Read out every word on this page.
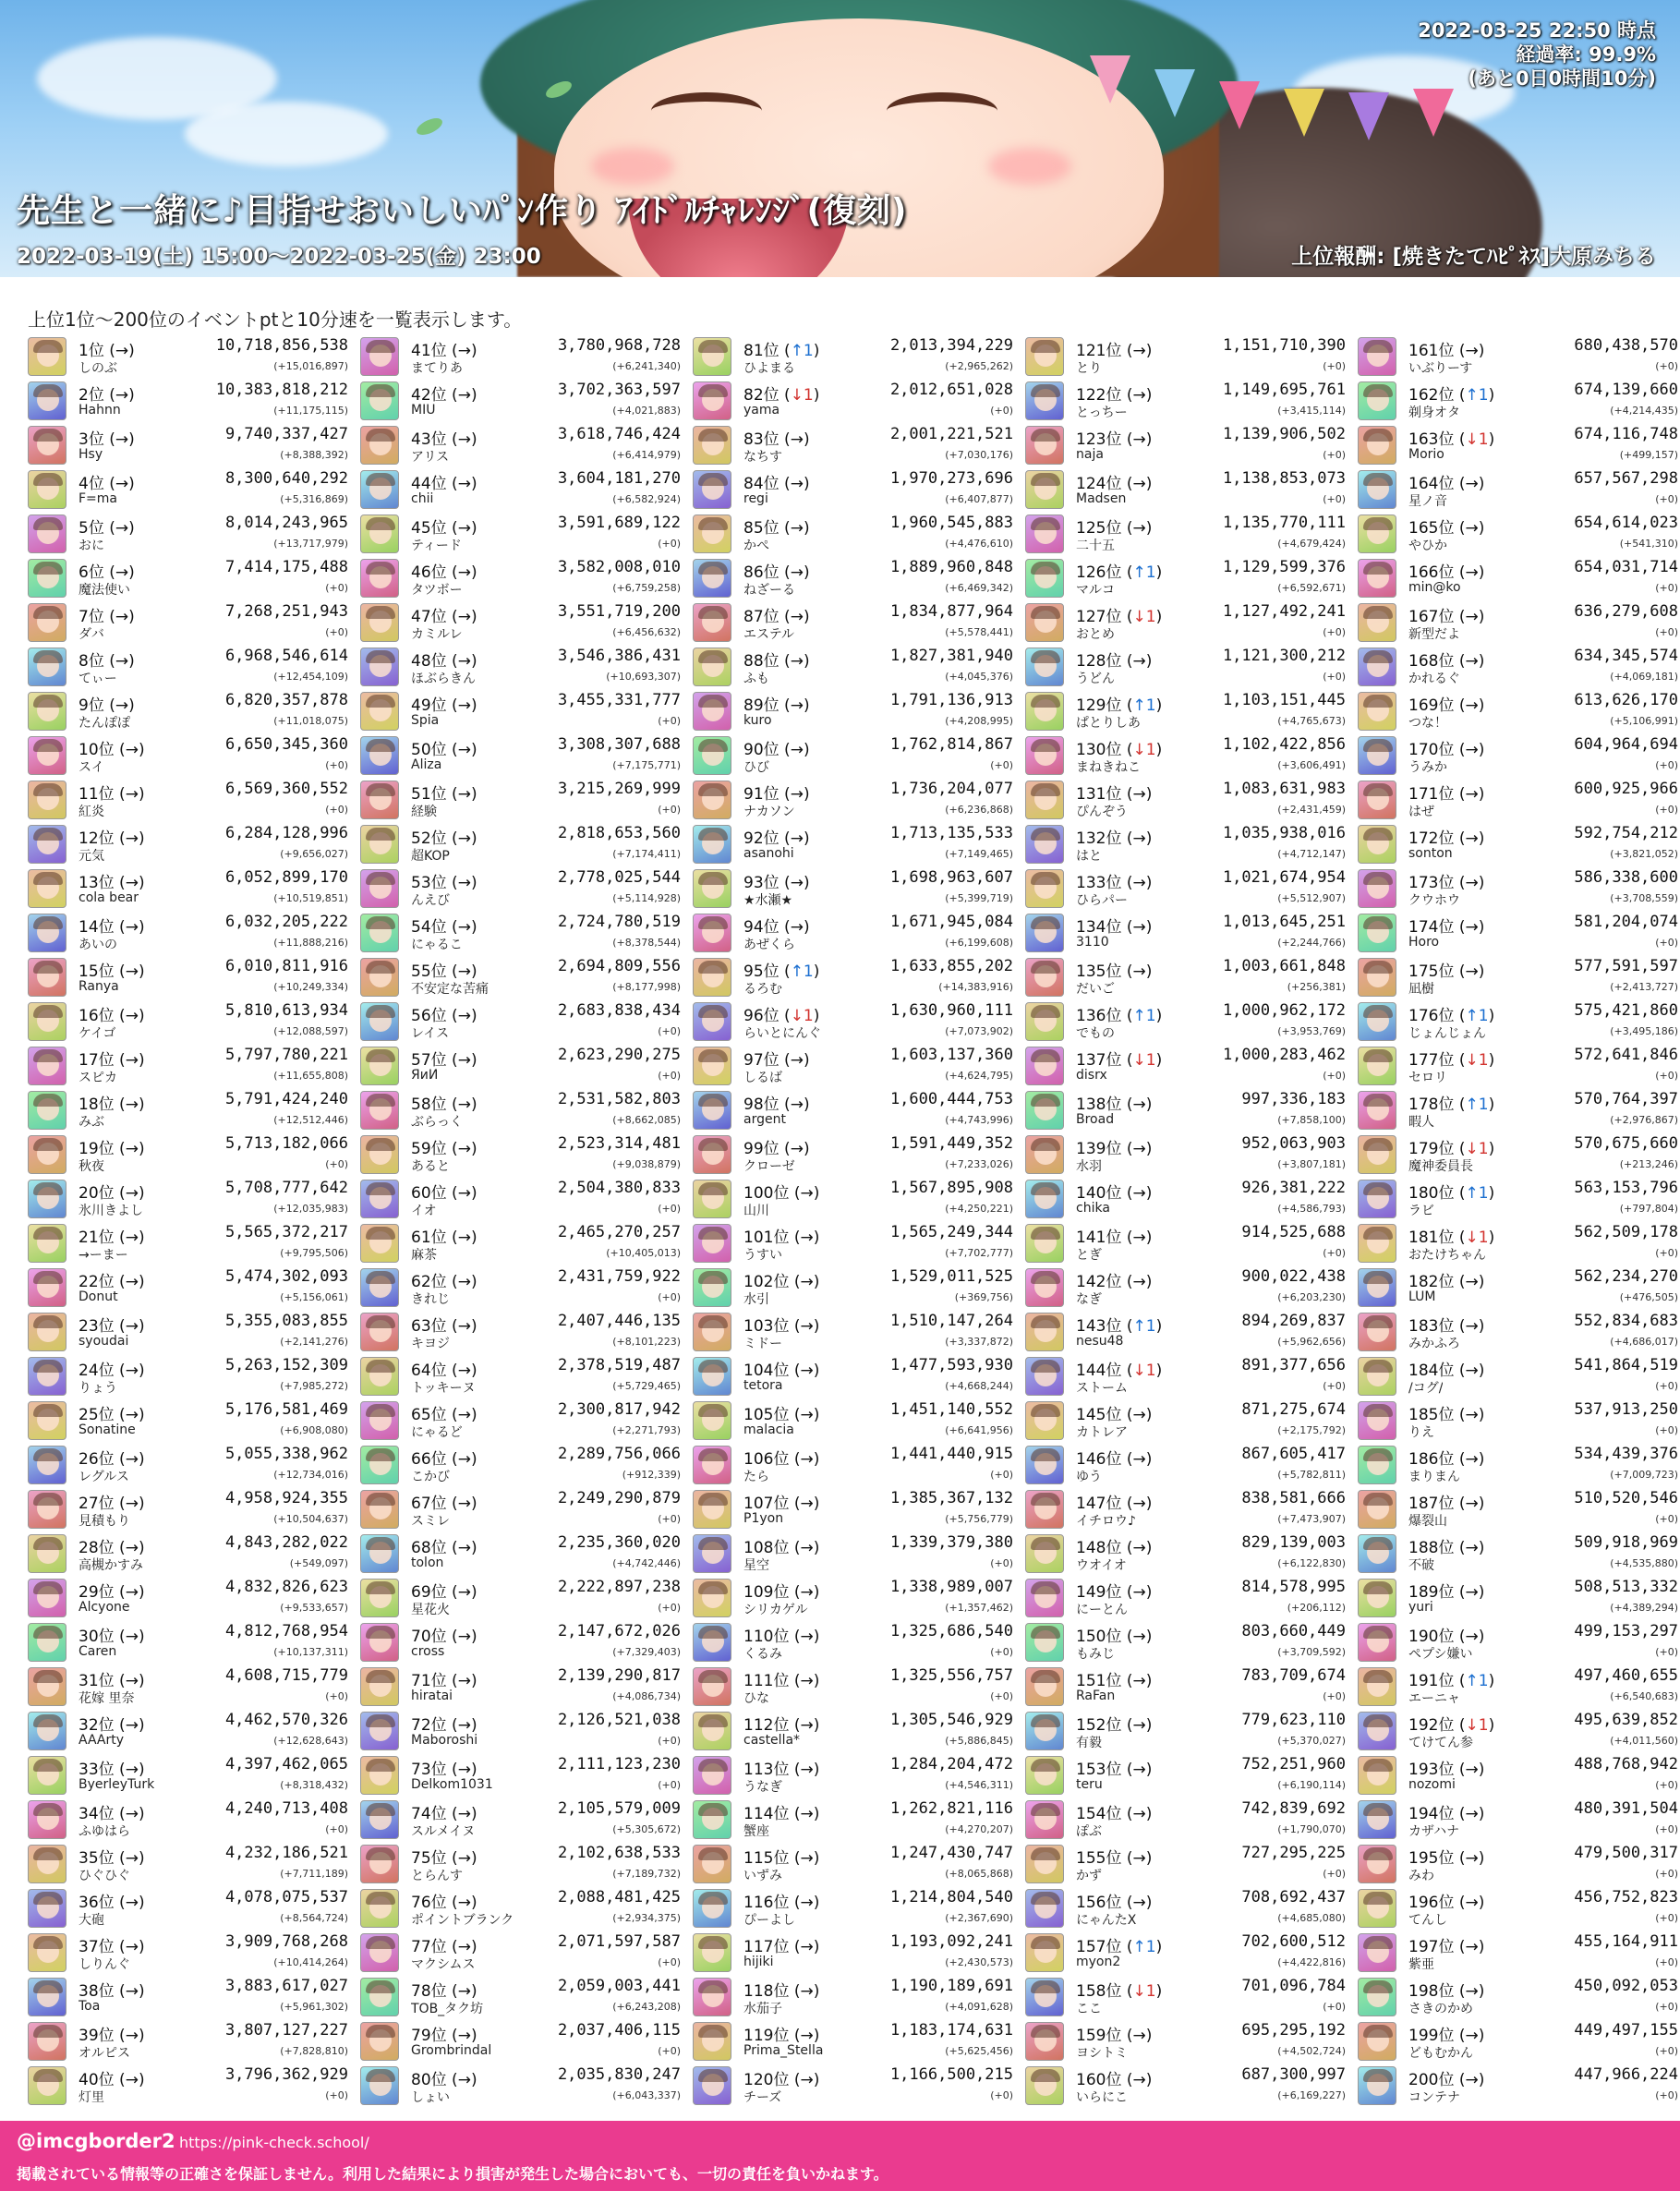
2022-03-25 22:50 時点
経過率: 99.9%
(あと0日0時間10分)
先生と一緒に♪目指せおいしいﾊﾟﾝ作り ｱｲﾄﾞﾙﾁｬﾚﾝｼﾞ(復刻)
2022-03-19(土) 15:00～2022-03-25(金) 23:00	上位報酬: [焼きたてﾊﾋﾟﾈｽ]大原みちる
上位1位～200位のイベントptと10分速を一覧表示します。
1位 (→)	10,718,856,538
しのぶ	(+15,016,897)
2位 (→)	10,383,818,212
Hahnn	(+11,175,115)
3位 (→)	9,740,337,427
Hsy	(+8,388,392)
4位 (→)	8,300,640,292
F=ma	(+5,316,869)
5位 (→)	8,014,243,965
おに	(+13,717,979)
6位 (→)	7,414,175,488
魔法使い	(+0)
7位 (→)	7,268,251,943
ダバ	(+0)
8位 (→)	6,968,546,614
てぃー	(+12,454,109)
9位 (→)	6,820,357,878
たんぽぽ	(+11,018,075)
10位 (→)	6,650,345,360
スイ	(+0)
11位 (→)	6,569,360,552
紅炎	(+0)
12位 (→)	6,284,128,996
元気	(+9,656,027)
13位 (→)	6,052,899,170
cola bear	(+10,519,851)
14位 (→)	6,032,205,222
あいの	(+11,888,216)
15位 (→)	6,010,811,916
Ranya	(+10,249,334)
16位 (→)	5,810,613,934
ケイゴ	(+12,088,597)
17位 (→)	5,797,780,221
スピカ	(+11,655,808)
18位 (→)	5,791,424,240
みぶ	(+12,512,446)
19位 (→)	5,713,182,066
秋夜	(+0)
20位 (→)	5,708,777,642
氷川きよし	(+12,035,983)
21位 (→)	5,565,372,217
→ーまー	(+9,795,506)
22位 (→)	5,474,302,093
Donut	(+5,156,061)
23位 (→)	5,355,083,855
syoudai	(+2,141,276)
24位 (→)	5,263,152,309
りょう	(+7,985,272)
25位 (→)	5,176,581,469
Sonatine	(+6,908,080)
26位 (→)	5,055,338,962
レグルス	(+12,734,016)
27位 (→)	4,958,924,355
見積もり	(+10,504,637)
28位 (→)	4,843,282,022
高槻かすみ	(+549,097)
29位 (→)	4,832,826,623
Alcyone	(+9,533,657)
30位 (→)	4,812,768,954
Caren	(+10,137,311)
31位 (→)	4,608,715,779
花嫁 里奈	(+0)
32位 (→)	4,462,570,326
AAArty	(+12,628,643)
33位 (→)	4,397,462,065
ByerleyTurk	(+8,318,432)
34位 (→)	4,240,713,408
ふゆはら	(+0)
35位 (→)	4,232,186,521
ひぐひぐ	(+7,711,189)
36位 (→)	4,078,075,537
大砲	(+8,564,724)
37位 (→)	3,909,768,268
しりんぐ	(+10,414,264)
38位 (→)	3,883,617,027
Toa	(+5,961,302)
39位 (→)	3,807,127,227
オルピス	(+7,828,810)
40位 (→)	3,796,362,929
灯里	(+0)
41位 (→)	3,780,968,728
まてりあ	(+6,241,340)
42位 (→)	3,702,363,597
MIU	(+4,021,883)
43位 (→)	3,618,746,424
アリス	(+6,414,979)
44位 (→)	3,604,181,270
chii	(+6,582,924)
45位 (→)	3,591,689,122
ティード	(+0)
46位 (→)	3,582,008,010
タツボー	(+6,759,258)
47位 (→)	3,551,719,200
カミルレ	(+6,456,632)
48位 (→)	3,546,386,431
ほぶらきん	(+10,693,307)
49位 (→)	3,455,331,777
Spia	(+0)
50位 (→)	3,308,307,688
Aliza	(+7,175,771)
51位 (→)	3,215,269,999
経験	(+0)
52位 (→)	2,818,653,560
超KOP	(+7,174,411)
53位 (→)	2,778,025,544
んえび	(+5,114,928)
54位 (→)	2,724,780,519
にゃるこ	(+8,378,544)
55位 (→)	2,694,809,556
不安定な苦痛	(+8,177,998)
56位 (→)	2,683,838,434
レイス	(+0)
57位 (→)	2,623,290,275
ЯиИ	(+0)
58位 (→)	2,531,582,803
ぶらっく	(+8,662,085)
59位 (→)	2,523,314,481
あると	(+9,038,879)
60位 (→)	2,504,380,833
イオ	(+0)
61位 (→)	2,465,270,257
麻茶	(+10,405,013)
62位 (→)	2,431,759,922
きれじ	(+0)
63位 (→)	2,407,446,135
キヨジ	(+8,101,223)
64位 (→)	2,378,519,487
トッキーヌ	(+5,729,465)
65位 (→)	2,300,817,942
にゃるど	(+2,271,793)
66位 (→)	2,289,756,066
こかび	(+912,339)
67位 (→)	2,249,290,879
スミレ	(+0)
68位 (→)	2,235,360,020
tolon	(+4,742,446)
69位 (→)	2,222,897,238
星花火	(+0)
70位 (→)	2,147,672,026
cross	(+7,329,403)
71位 (→)	2,139,290,817
hiratai	(+4,086,734)
72位 (→)	2,126,521,038
Maboroshi	(+0)
73位 (→)	2,111,123,230
Delkom1031	(+0)
74位 (→)	2,105,579,009
スルメイヌ	(+5,305,672)
75位 (→)	2,102,638,533
とらんす	(+7,189,732)
76位 (→)	2,088,481,425
ポイントブランク	(+2,934,375)
77位 (→)	2,071,597,587
マクシムス	(+0)
78位 (→)	2,059,003,441
TOB_タク坊	(+6,243,208)
79位 (→)	2,037,406,115
Grombrindal	(+0)
80位 (→)	2,035,830,247
しょい	(+6,043,337)
81位 (↑1)	2,013,394,229
ひよまる	(+2,965,262)
82位 (↓1)	2,012,651,028
yama	(+0)
83位 (→)	2,001,221,521
なちす	(+7,030,176)
84位 (→)	1,970,273,696
regi	(+6,407,877)
85位 (→)	1,960,545,883
かぺ	(+4,476,610)
86位 (→)	1,889,960,848
ねざーる	(+6,469,342)
87位 (→)	1,834,877,964
エステル	(+5,578,441)
88位 (→)	1,827,381,940
ふも	(+4,045,376)
89位 (→)	1,791,136,913
kuro	(+4,208,995)
90位 (→)	1,762,814,867
ひび	(+0)
91位 (→)	1,736,204,077
ナカソン	(+6,236,868)
92位 (→)	1,713,135,533
asanohi	(+7,149,465)
93位 (→)	1,698,963,607
★水瀬★	(+5,399,719)
94位 (→)	1,671,945,084
あぜくら	(+6,199,608)
95位 (↑1)	1,633,855,202
るろむ	(+14,383,916)
96位 (↓1)	1,630,960,111
らいとにんぐ	(+7,073,902)
97位 (→)	1,603,137,360
しるば	(+4,624,795)
98位 (→)	1,600,444,753
argent	(+4,743,996)
99位 (→)	1,591,449,352
クローゼ	(+7,233,026)
100位 (→)	1,567,895,908
山川	(+4,250,221)
101位 (→)	1,565,249,344
うすい	(+7,702,777)
102位 (→)	1,529,011,525
水引	(+369,756)
103位 (→)	1,510,147,264
ミドー	(+3,337,872)
104位 (→)	1,477,593,930
tetora	(+4,668,244)
105位 (→)	1,451,140,552
malacia	(+6,641,956)
106位 (→)	1,441,440,915
たら	(+0)
107位 (→)	1,385,367,132
P1yon	(+5,756,779)
108位 (→)	1,339,379,380
星空	(+0)
109位 (→)	1,338,989,007
シリカゲル	(+1,357,462)
110位 (→)	1,325,686,540
くるみ	(+0)
111位 (→)	1,325,556,757
ひな	(+0)
112位 (→)	1,305,546,929
castella*	(+5,886,845)
113位 (→)	1,284,204,472
うなぎ	(+4,546,311)
114位 (→)	1,262,821,116
蟹座	(+4,270,207)
115位 (→)	1,247,430,747
いずみ	(+8,065,868)
116位 (→)	1,214,804,540
ぴーよし	(+2,367,690)
117位 (→)	1,193,092,241
hijiki	(+2,430,573)
118位 (→)	1,190,189,691
水茄子	(+4,091,628)
119位 (→)	1,183,174,631
Prima_Stella	(+5,625,456)
120位 (→)	1,166,500,215
チーズ	(+0)
121位 (→)	1,151,710,390
とり	(+0)
122位 (→)	1,149,695,761
とっちー	(+3,415,114)
123位 (→)	1,139,906,502
naja	(+0)
124位 (→)	1,138,853,073
Madsen	(+0)
125位 (→)	1,135,770,111
二十五	(+4,679,424)
126位 (↑1)	1,129,599,376
マルコ	(+6,592,671)
127位 (↓1)	1,127,492,241
おとめ	(+0)
128位 (→)	1,121,300,212
うどん	(+0)
129位 (↑1)	1,103,151,445
ぱとりしあ	(+4,765,673)
130位 (↓1)	1,102,422,856
まねきねこ	(+3,606,491)
131位 (→)	1,083,631,983
ぴんぞう	(+2,431,459)
132位 (→)	1,035,938,016
はと	(+4,712,147)
133位 (→)	1,021,674,954
ひらパー	(+5,512,907)
134位 (→)	1,013,645,251
3110	(+2,244,766)
135位 (→)	1,003,661,848
だいご	(+256,381)
136位 (↑1)	1,000,962,172
でもの	(+3,953,769)
137位 (↓1)	1,000,283,462
disrx	(+0)
138位 (→)	997,336,183
Broad	(+7,858,100)
139位 (→)	952,063,903
水羽	(+3,807,181)
140位 (→)	926,381,222
chika	(+4,586,793)
141位 (→)	914,525,688
とぎ	(+0)
142位 (→)	900,022,438
なぎ	(+6,203,230)
143位 (↑1)	894,269,837
nesu48	(+5,962,656)
144位 (↓1)	891,377,656
ストーム	(+0)
145位 (→)	871,275,674
カトレア	(+2,175,792)
146位 (→)	867,605,417
ゆう	(+5,782,811)
147位 (→)	838,581,666
イチロウ♪	(+7,473,907)
148位 (→)	829,139,003
ウオイオ	(+6,122,830)
149位 (→)	814,578,995
にーとん	(+206,112)
150位 (→)	803,660,449
もみじ	(+3,709,592)
151位 (→)	783,709,674
RaFan	(+0)
152位 (→)	779,623,110
有毅	(+5,370,027)
153位 (→)	752,251,960
teru	(+6,190,114)
154位 (→)	742,839,692
ぽぶ	(+1,790,070)
155位 (→)	727,295,225
かず	(+0)
156位 (→)	708,692,437
にゃんたX	(+4,685,080)
157位 (↑1)	702,600,512
myon2	(+4,422,816)
158位 (↓1)	701,096,784
ここ	(+0)
159位 (→)	695,295,192
ヨシトミ	(+4,502,724)
160位 (→)	687,300,997
いらにこ	(+6,169,227)
161位 (→)	680,438,570
いぶりーす	(+0)
162位 (↑1)	674,139,660
剃身オタ	(+4,214,435)
163位 (↓1)	674,116,748
Morio	(+499,157)
164位 (→)	657,567,298
星ノ音	(+0)
165位 (→)	654,614,023
やひか	(+541,310)
166位 (→)	654,031,714
min@ko	(+0)
167位 (→)	636,279,608
新型だよ	(+0)
168位 (→)	634,345,574
かれるぐ	(+4,069,181)
169位 (→)	613,626,170
つな！	(+5,106,991)
170位 (→)	604,964,694
うみか	(+0)
171位 (→)	600,925,966
はぜ	(+0)
172位 (→)	592,754,212
sonton	(+3,821,052)
173位 (→)	586,338,600
クウホウ	(+3,708,559)
174位 (→)	581,204,074
Horo	(+0)
175位 (→)	577,591,597
凪樹	(+2,413,727)
176位 (↑1)	575,421,860
じょんじょん	(+3,495,186)
177位 (↓1)	572,641,846
セロリ	(+0)
178位 (↑1)	570,764,397
暇人	(+2,976,867)
179位 (↓1)	570,675,660
魔神委員長	(+213,246)
180位 (↑1)	563,153,796
ラビ	(+797,804)
181位 (↓1)	562,509,178
おたけちゃん	(+0)
182位 (→)	562,234,270
LUM	(+476,505)
183位 (→)	552,834,683
みかふろ	(+4,686,017)
184位 (→)	541,864,519
/コグ/	(+0)
185位 (→)	537,913,250
りえ	(+0)
186位 (→)	534,439,376
まりまん	(+7,009,723)
187位 (→)	510,520,546
爆裂山	(+0)
188位 (→)	509,918,969
不破	(+4,535,880)
189位 (→)	508,513,332
yuri	(+4,389,294)
190位 (→)	499,153,297
ペプシ嫌い	(+0)
191位 (↑1)	497,460,655
エーニャ	(+6,540,683)
192位 (↓1)	495,639,852
てけてん参	(+4,011,560)
193位 (→)	488,768,942
nozomi	(+0)
194位 (→)	480,391,504
カザハナ	(+0)
195位 (→)	479,500,317
みわ	(+0)
196位 (→)	456,752,823
てんし	(+0)
197位 (→)	455,164,911
紫亜	(+0)
198位 (→)	450,092,053
さきのかめ	(+0)
199位 (→)	449,497,155
どもむかん	(+0)
200位 (→)	447,966,224
コンテナ	(+0)
@imcgborder2 https://pink-check.school/
掲載されている情報等の正確さを保証しません。利用した結果により損害が発生した場合においても、一切の責任を負いかねます。
